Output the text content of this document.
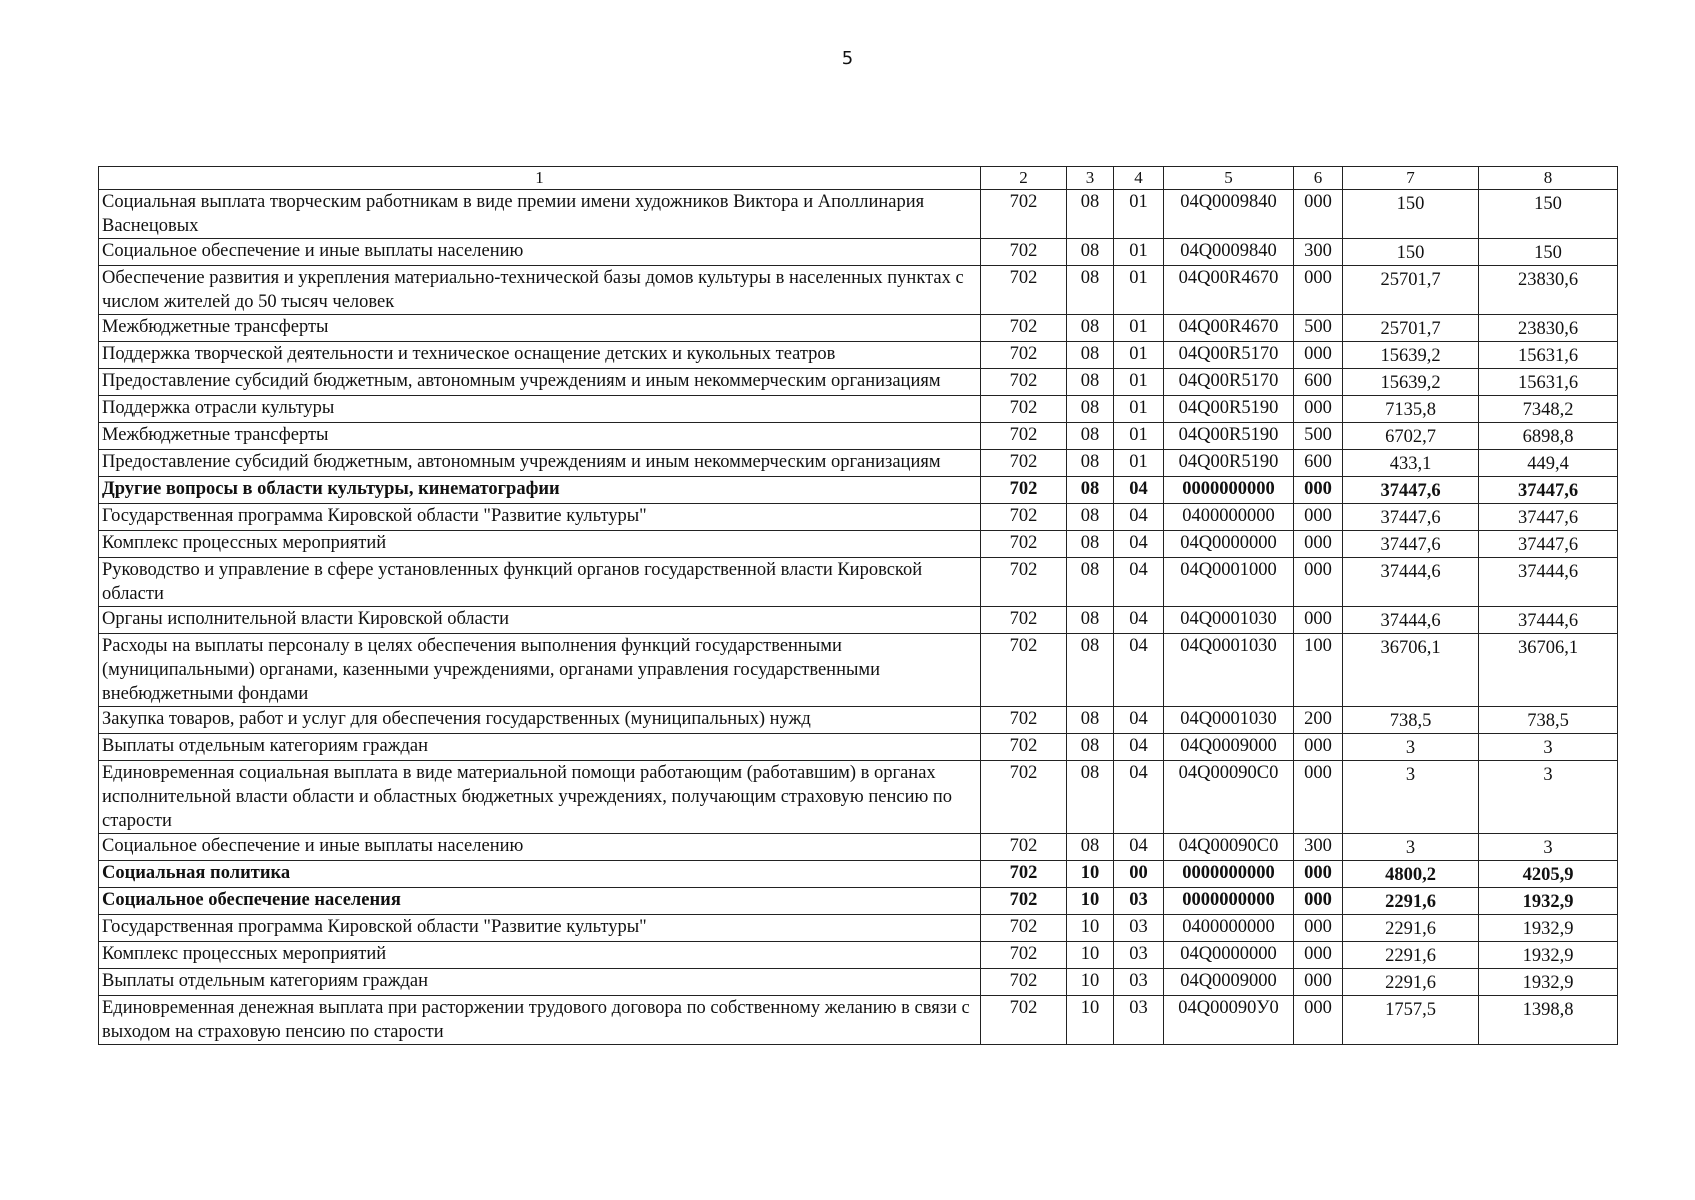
5
1	2	3	4	5	6	7	8
Социальная выплата творческим работникам в виде премии имени художников Виктора и Аполлинария Васнецовых	702	08	01	04Q0009840	000	150	150
Социальное обеспечение и иные выплаты населению	702	08	01	04Q0009840	300	150	150
Обеспечение развития и укрепления материально-технической базы домов культуры в населенных пунктах с числом жителей до 50 тысяч человек	702	08	01	04Q00R4670	000	25701,7	23830,6
Межбюджетные трансферты	702	08	01	04Q00R4670	500	25701,7	23830,6
Поддержка творческой деятельности и техническое оснащение детских и кукольных театров	702	08	01	04Q00R5170	000	15639,2	15631,6
Предоставление субсидий бюджетным, автономным учреждениям и иным некоммерческим организациям	702	08	01	04Q00R5170	600	15639,2	15631,6
Поддержка отрасли культуры	702	08	01	04Q00R5190	000	7135,8	7348,2
Межбюджетные трансферты	702	08	01	04Q00R5190	500	6702,7	6898,8
Предоставление субсидий бюджетным, автономным учреждениям и иным некоммерческим организациям	702	08	01	04Q00R5190	600	433,1	449,4
Другие вопросы в области культуры, кинематографии	702	08	04	0000000000	000	37447,6	37447,6
Государственная программа Кировской области "Развитие культуры"	702	08	04	0400000000	000	37447,6	37447,6
Комплекс процессных мероприятий	702	08	04	04Q0000000	000	37447,6	37447,6
Руководство и управление в сфере установленных функций органов государственной власти Кировской области	702	08	04	04Q0001000	000	37444,6	37444,6
Органы исполнительной власти Кировской области	702	08	04	04Q0001030	000	37444,6	37444,6
Расходы на выплаты персоналу в целях обеспечения выполнения функций государственными (муниципальными) органами, казенными учреждениями, органами управления государственными внебюджетными фондами	702	08	04	04Q0001030	100	36706,1	36706,1
Закупка товаров, работ и услуг для обеспечения государственных (муниципальных) нужд	702	08	04	04Q0001030	200	738,5	738,5
Выплаты отдельным категориям граждан	702	08	04	04Q0009000	000	3	3
Единовременная социальная выплата в виде материальной помощи работающим (работавшим) в органах исполнительной власти области и областных бюджетных учреждениях, получающим страховую пенсию по старости	702	08	04	04Q00090C0	000	3	3
Социальное обеспечение и иные выплаты населению	702	08	04	04Q00090C0	300	3	3
Социальная политика	702	10	00	0000000000	000	4800,2	4205,9
Социальное обеспечение населения	702	10	03	0000000000	000	2291,6	1932,9
Государственная программа Кировской области "Развитие культуры"	702	10	03	0400000000	000	2291,6	1932,9
Комплекс процессных мероприятий	702	10	03	04Q0000000	000	2291,6	1932,9
Выплаты отдельным категориям граждан	702	10	03	04Q0009000	000	2291,6	1932,9
Единовременная денежная выплата при расторжении трудового договора по собственному желанию в связи с выходом на страховую пенсию по старости	702	10	03	04Q00090У0	000	1757,5	1398,8
